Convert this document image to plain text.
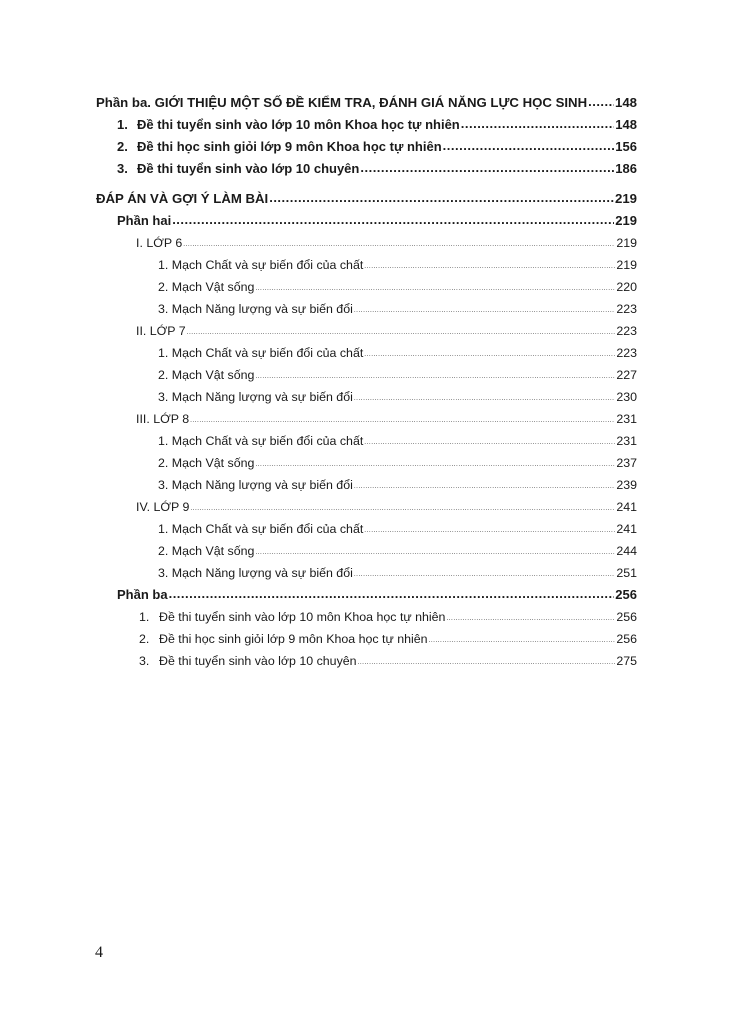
Phần ba. GIỚI THIỆU MỘT SỐ ĐỀ KIỂM TRA, ĐÁNH GIÁ NĂNG LỰC HỌC SINH ..... 148
1. Đề thi tuyển sinh vào lớp 10 môn Khoa học tự nhiên .....	148
2. Đề thi học sinh giỏi lớp 9 môn Khoa học tự nhiên .....	156
3. Đề thi tuyển sinh vào lớp 10 chuyên .....	186
ĐÁP ÁN VÀ GỢI Ý LÀM BÀI .....	219
Phần hai .....	219
I. LỚP 6 .....	219
1. Mạch Chất và sự biến đổi của chất .....	219
2. Mạch Vật sống .....	220
3. Mạch Năng lượng và sự biến đổi .....	223
II. LỚP 7 .....	223
1. Mạch Chất và sự biến đổi của chất .....	223
2. Mạch Vật sống .....	227
3. Mạch Năng lượng và sự biến đổi .....	230
III. LỚP 8 .....	231
1. Mạch Chất và sự biến đổi của chất .....	231
2. Mạch Vật sống .....	237
3. Mạch Năng lượng và sự biến đổi .....	239
IV. LỚP 9 .....	241
1. Mạch Chất và sự biến đổi của chất .....	241
2. Mạch Vật sống .....	244
3. Mạch Năng lượng và sự biến đổi .....	251
Phần ba .....	256
1. Đề thi tuyển sinh vào lớp 10 môn Khoa học tự nhiên .....	256
2. Đề thi học sinh giỏi lớp 9 môn Khoa học tự nhiên .....	256
3. Đề thi tuyển sinh vào lớp 10 chuyên .....	275
4
